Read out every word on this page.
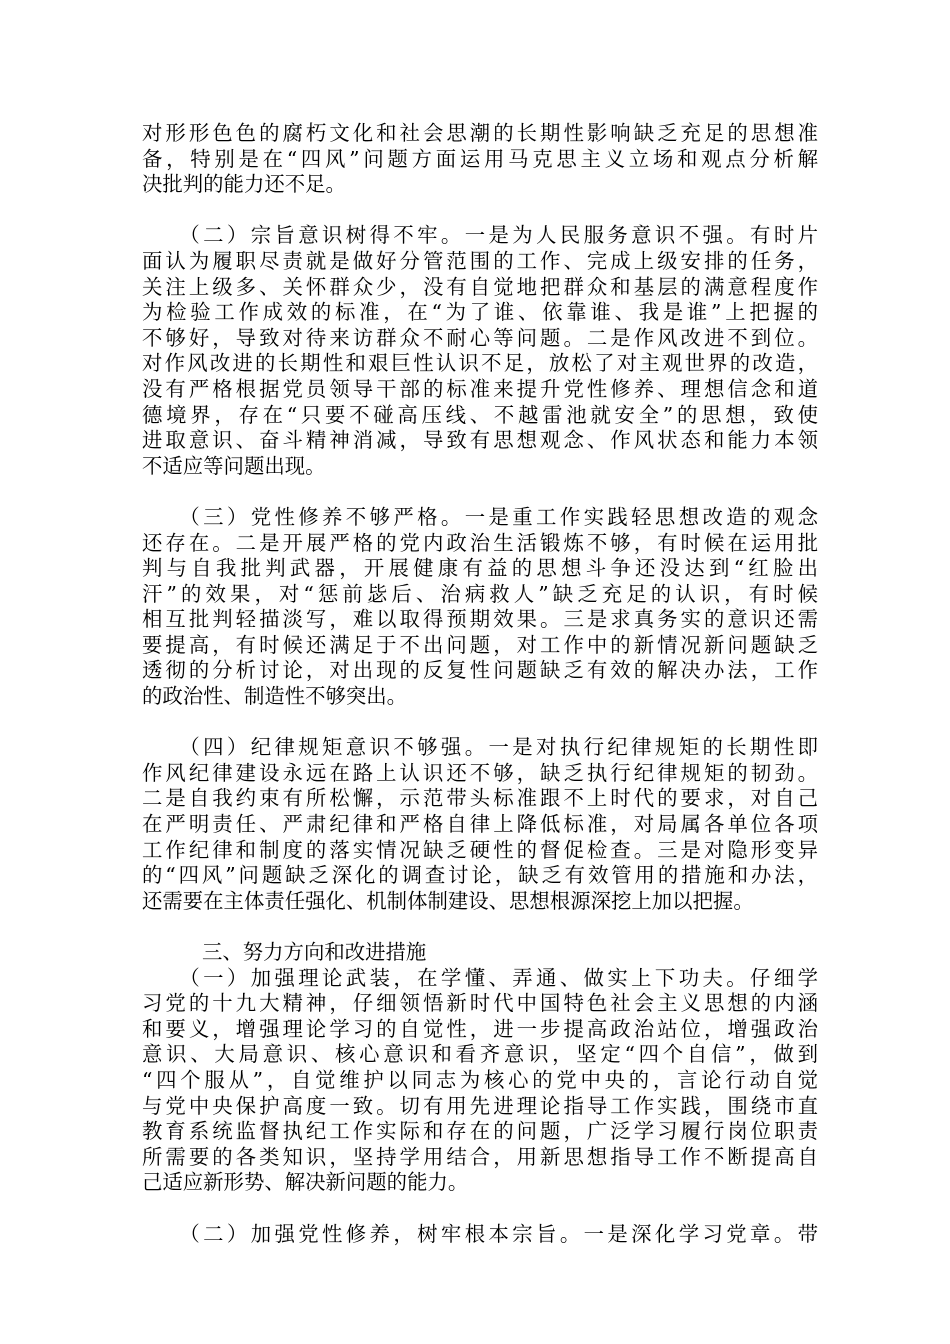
对形形色色的腐朽文化和社会思潮的长期性影响缺乏充足的思想准
备，特别是在“四风”问题方面运用马克思主义立场和观点分析解
决批判的能力还不足。
　　（二）宗旨意识树得不牢。一是为人民服务意识不强。有时片
面认为履职尽责就是做好分管范围的工作、完成上级安排的任务，
关注上级多、关怀群众少，没有自觉地把群众和基层的满意程度作
为检验工作成效的标准，在“为了谁、依靠谁、我是谁”上把握的
不够好，导致对待来访群众不耐心等问题。二是作风改进不到位。
对作风改进的长期性和艰巨性认识不足，放松了对主观世界的改造，
没有严格根据党员领导干部的标准来提升党性修养、理想信念和道
德境界，存在“只要不碰高压线、不越雷池就安全”的思想，致使
进取意识、奋斗精神消减，导致有思想观念、作风状态和能力本领
不适应等问题出现。
　　（三）党性修养不够严格。一是重工作实践轻思想改造的观念
还存在。二是开展严格的党内政治生活锻炼不够，有时候在运用批
判与自我批判武器，开展健康有益的思想斗争还没达到“红脸出
汗”的效果，对“惩前毖后、治病救人”缺乏充足的认识，有时候
相互批判轻描淡写，难以取得预期效果。三是求真务实的意识还需
要提高，有时候还满足于不出问题，对工作中的新情况新问题缺乏
透彻的分析讨论，对出现的反复性问题缺乏有效的解决办法，工作
的政治性、制造性不够突出。
　　（四）纪律规矩意识不够强。一是对执行纪律规矩的长期性即
作风纪律建设永远在路上认识还不够，缺乏执行纪律规矩的韧劲。
二是自我约束有所松懈，示范带头标准跟不上时代的要求，对自己
在严明责任、严肃纪律和严格自律上降低标准，对局属各单位各项
工作纪律和制度的落实情况缺乏硬性的督促检查。三是对隐形变异
的“四风”问题缺乏深化的调查讨论，缺乏有效管用的措施和办法，
还需要在主体责任强化、机制体制建设、思想根源深挖上加以把握。
三、努力方向和改进措施
　　（一）加强理论武装，在学懂、弄通、做实上下功夫。仔细学
习党的十九大精神，仔细领悟新时代中国特色社会主义思想的内涵
和要义，增强理论学习的自觉性，进一步提高政治站位，增强政治
意识、大局意识、核心意识和看齐意识，坚定“四个自信”，做到
“四个服从”，自觉维护以同志为核心的党中央的，言论行动自觉
与党中央保护高度一致。切有用先进理论指导工作实践，围绕市直
教育系统监督执纪工作实际和存在的问题，广泛学习履行岗位职责
所需要的各类知识，坚持学用结合，用新思想指导工作不断提高自
己适应新形势、解决新问题的能力。
　　（二）加强党性修养，树牢根本宗旨。一是深化学习党章。带
